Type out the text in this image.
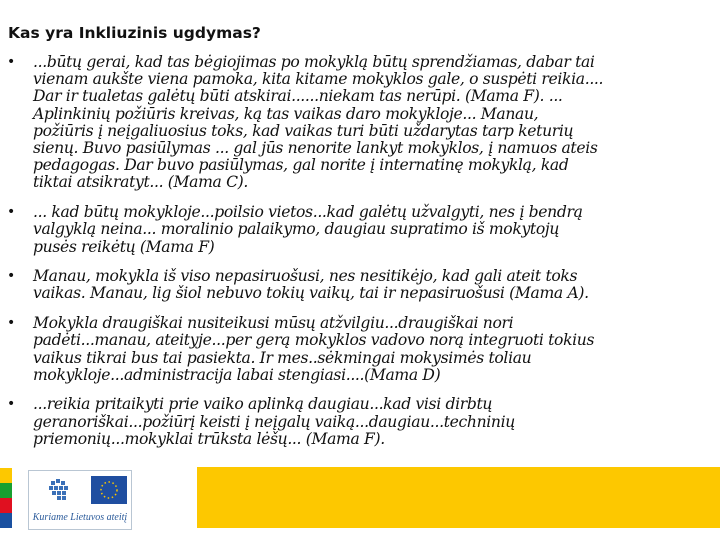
Kas yra Inkliuzinis ugdymas?
• ...būtų gerai, kad tas bėgiojimas po mokyklą būtų sprendžiamas, dabar tai
vienam aukšte viena pamoka, kita kitame mokyklos gale, o suspėti reikia....
Dar ir tualetas galėtų būti atskirai......niekam tas nerūpi. (Mama F). ...
Aplinkinių požiūris kreivas, ką tas vaikas daro mokykloje... Manau,
požiūris į neįgaliuosius toks, kad vaikas turi būti uždarytas tarp keturių
sienų. Buvo pasiūlymas ... gal jūs nenorite lankyt mokyklos, į namuos ateis
pedagogas. Dar buvo pasiūlymas, gal norite į internatinę mokyklą, kad
tiktai atsikratyt... (Mama C).
• ... kad būtų mokykloje...poilsio vietos...kad galėtų užvalgyti, nes į bendrą
valgyklą neina... moralinio palaikymo, daugiau supratimo iš mokytojų
pusės reikėtų (Mama F)
• Manau, mokykla iš viso nepasiruošusi, nes nesitikėjo, kad gali ateit toks
vaikas. Manau, lig šiol nebuvo tokių vaikų, tai ir nepasiruošusi (Mama A).
• Mokykla draugiškai nusiteikusi mūsų atžvilgiu...draugiškai nori
padėti...manau, ateityje...per gerą mokyklos vadovo norą integruoti tokius
vaikus tikrai bus tai pasiekta. Ir mes..sėkmingai mokysimės toliau
mokykloje...administracija labai stengiasi....(Mama D)
• ...reikia pritaikyti prie vaiko aplinką daugiau...kad visi dirbtų
geranoriškai...požiūrį keisti į neįgalų vaiką...daugiau...techninių
priemonių...mokyklai trūksta lėšų... (Mama F).
Kuriame Lietuvos ateitį
